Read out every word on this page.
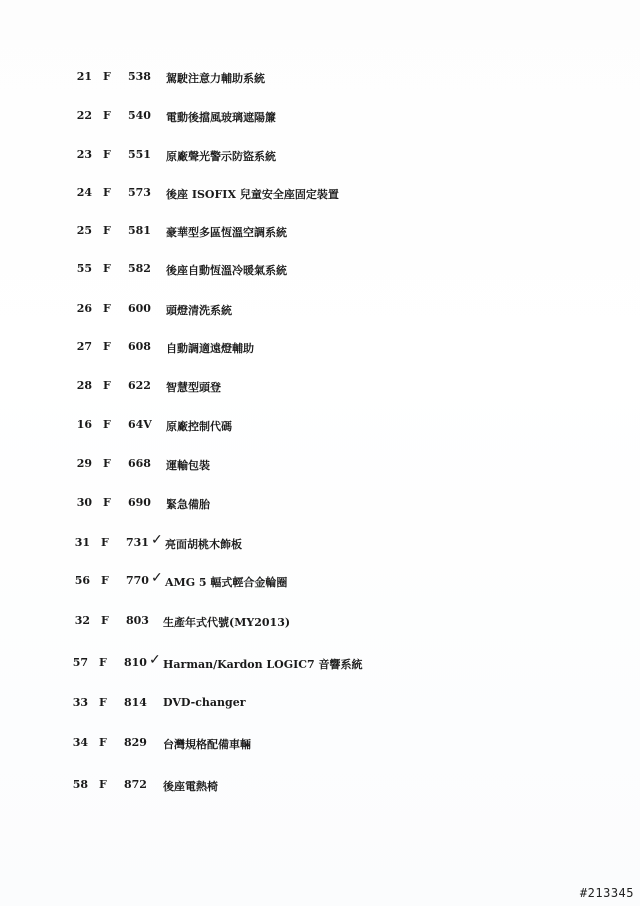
21 F 538 駕駛注意力輔助系統
22 F 540 電動後擋風玻璃遮陽簾
23 F 551 原廠聲光警示防盜系統
24 F 573 後座 ISOFIX 兒童安全座固定裝置
25 F 581 豪華型多區恆溫空調系統
55 F 582 後座自動恆溫冷暖氣系統
26 F 600 頭燈清洗系統
27 F 608 自動調適遠燈輔助
28 F 622 智慧型頭登
16 F 64V 原廠控制代碼
29 F 668 運輸包裝
30 F 690 緊急備胎
31 F 731 ✓ 亮面胡桃木飾板
56 F 770 ✓ AMG 5 輻式輕合金輪圈
32 F 803 生產年式代號(MY2013)
57 F 810 ✓ Harman/Kardon LOGIC7 音響系統
33 F 814 DVD-changer
34 F 829 台灣規格配備車輛
58 F 872 後座電熱椅
#213345
